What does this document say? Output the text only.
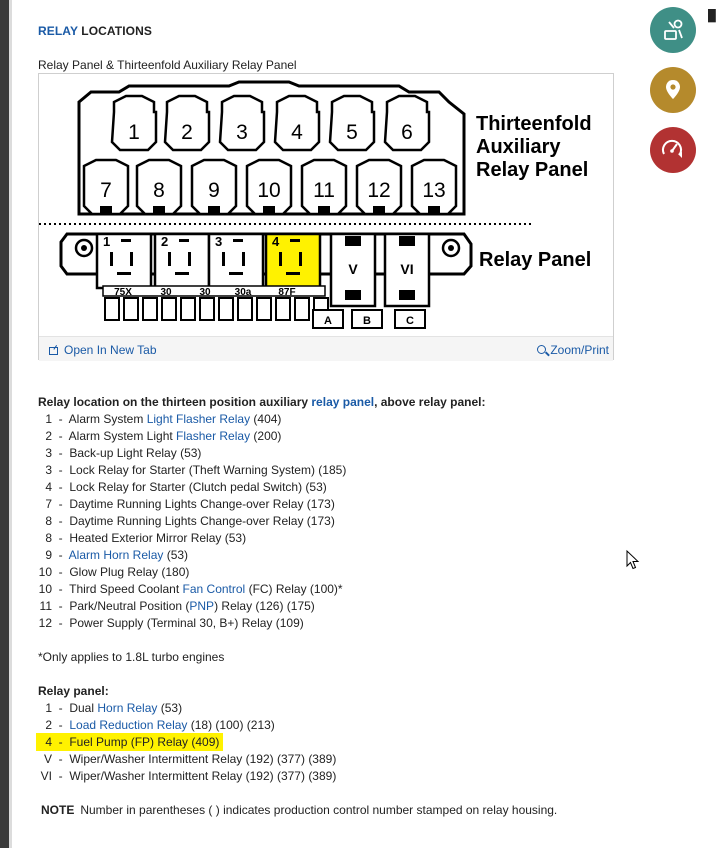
RELAY LOCATIONS
Relay Panel & Thirteenfold Auxiliary Relay Panel
1 2 3 4 5 6
7 8 9 10 11 12 13
Thirteenfold
Auxiliary
Relay Panel
1	2	3	4
V	VI	Relay Panel
75X	30	30 30a	87F
A	B	C
Open In New Tab	Zoom/Print
Relay location on the thirteen position auxiliary relay panel, above relay panel:
1  -  Alarm System Light Flasher Relay (404)
2  -  Alarm System Light Flasher Relay (200)
3  -  Back-up Light Relay (53)
3  -  Lock Relay for Starter (Theft Warning System) (185)
4  -  Lock Relay for Starter (Clutch pedal Switch) (53)
7  -  Daytime Running Lights Change-over Relay (173)
8  -  Daytime Running Lights Change-over Relay (173)
8  -  Heated Exterior Mirror Relay (53)
9  -  Alarm Horn Relay (53)
10  -  Glow Plug Relay (180)
10  -  Third Speed Coolant Fan Control (FC) Relay (100)*
11  -  Park/Neutral Position (PNP) Relay (126) (175)
12  -  Power Supply (Terminal 30, B+) Relay (109)
*Only applies to 1.8L turbo engines
Relay panel:
1  -  Dual Horn Relay (53)
2  -  Load Reduction Relay (18) (100) (213)
4  -  Fuel Pump (FP) Relay (409)
V  -  Wiper/Washer Intermittent Relay (192) (377) (389)
VI  -  Wiper/Washer Intermittent Relay (192) (377) (389)
NOTE Number in parentheses ( ) indicates production control number stamped on relay housing.
█
